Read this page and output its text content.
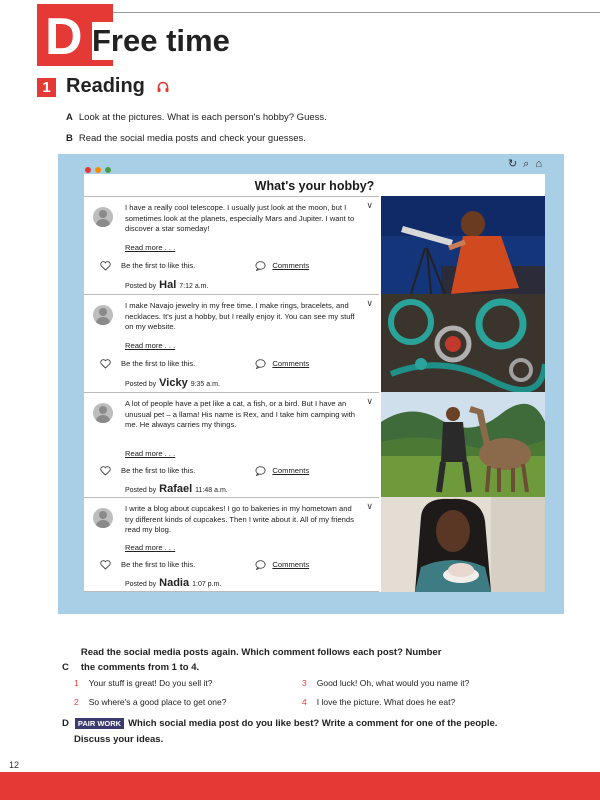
D Free time
1 Reading
A Look at the pictures. What is each person's hobby? Guess.
B Read the social media posts and check your guesses.
↻ ⌕ ⌂
What's your hobby?
∨
I have a really cool telescope. I usually just look at the moon, but I sometimes look at the planets, especially Mars and Jupiter. I want to discover a star someday!
Read more . . .
Be the first to like this.	Comments
Posted by Hal 7:12 a.m.
∨
I make Navajo jewelry in my free time. I make rings, bracelets, and necklaces. It's just a hobby, but I really enjoy it. You can see my stuff on my website.
Read more . . .
Be the first to like this.	Comments
Posted by Vicky 9:35 a.m.
∨
A lot of people have a pet like a cat, a fish, or a bird. But I have an unusual pet – a llama! His name is Rex, and I take him camping with me. He always carries my things.
Read more . . .
Be the first to like this.	Comments
Posted by Rafael 11:48 a.m.
∨
I write a blog about cupcakes! I go to bakeries in my hometown and try different kinds of cupcakes. Then I write about it. All of my friends read my blog.
Read more . . .
Be the first to like this.	Comments
Posted by Nadia 1:07 p.m.
CRead the social media posts again. Which comment follows each post? Number
the comments from 1 to 4.
1 Your stuff is great! Do you sell it?
2 So where's a good place to get one?
3 Good luck! Oh, what would you name it?
4 I love the picture. What does he eat?
D PAIR WORK Which social media post do you like best? Write a comment for one of the people.
Discuss your ideas.
12
